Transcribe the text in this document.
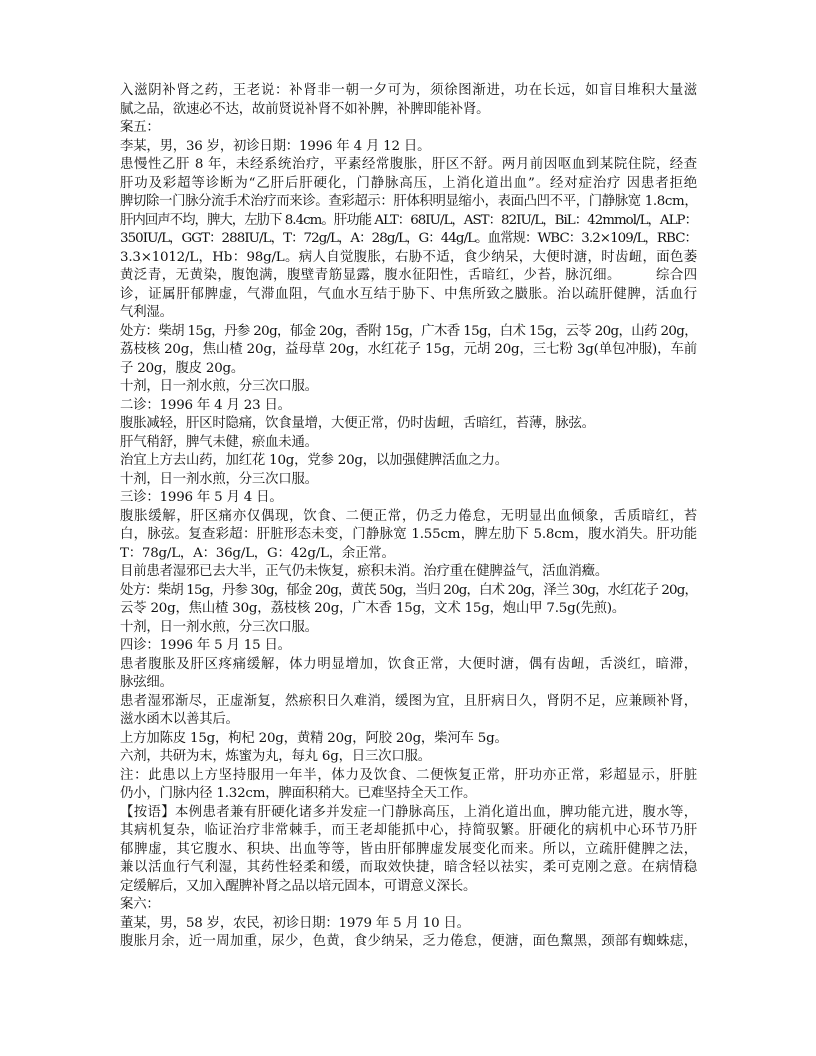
入滋阴补肾之药，王老说：补肾非一朝一夕可为，须徐图渐进，功在长远，如盲目堆积大量滋
腻之品，欲速必不达，故前贤说补肾不如补脾，补脾即能补肾。
案五：
李某，男，36 岁，初诊日期：1996 年 4 月 12 日。
患慢性乙肝 8 年，未经系统治疗，平素经常腹胀，肝区不舒。两月前因呕血到某院住院，经查
肝功及彩超等诊断为“乙肝后肝硬化，门静脉高压，上消化道出血”。经对症治疗 因患者拒绝
脾切除一门脉分流手术治疗而来诊。查彩超示：肝体积明显缩小，表面凸凹不平，门静脉宽 1.8cm，
肝内回声不均，脾大，左肋下 8.4cm。肝功能 ALT：68IU/L，AST：82IU/L，BiL：42mmol/L，ALP：
350IU/L，GGT：288IU/L，T：72g/L，A：28g/L，G：44g/L。血常规：WBC：3.2×109/L，RBC：
3.3×1012/L，Hb：98g/L。病人自觉腹胀，右胁不适，食少纳呆，大便时溏，时齿衄，面色萎
黄泛青，无黄染，腹饱满，腹壁青筋显露，腹水征阳性，舌暗红，少苔，脉沉细。　　　综合四
诊，证属肝郁脾虚，气滞血阻，气血水互结于胁下、中焦所致之臌胀。治以疏肝健脾，活血行
气利湿。
处方：柴胡 15g，丹参 20g，郁金 20g，香附 15g，广木香 15g，白术 15g，云苓 20g，山药 20g，
荔枝核 20g，焦山楂 20g，益母草 20g，水红花子 15g，元胡 20g，三七粉 3g(单包冲服)，车前
子 20g，腹皮 20g。
十剂，日一剂水煎，分三次口服。
二诊：1996 年 4 月 23 日。
腹胀减轻，肝区时隐痛，饮食量增，大便正常，仍时齿衄，舌暗红，苔薄，脉弦。
肝气稍舒，脾气未健，瘀血未通。
治宜上方去山药，加红花 10g，党参 20g，以加强健脾活血之力。
十剂，日一剂水煎，分三次口服。
三诊：1996 年 5 月 4 日。
腹胀缓解，肝区痛亦仅偶现，饮食、二便正常，仍乏力倦怠，无明显出血倾象，舌质暗红，苔
白，脉弦。复查彩超：肝脏形态未变，门静脉宽 1.55cm，脾左肋下 5.8cm，腹水消失。肝功能
T：78g/L，A：36g/L，G：42g/L，余正常。
目前患者湿邪已去大半，正气仍未恢复，瘀积未消。治疗重在健脾益气，活血消癥。
处方：柴胡 15g，丹参 30g，郁金 20g，黄芪 50g，当归 20g，白术 20g，泽兰 30g，水红花子 20g，
云苓 20g，焦山楂 30g，荔枝核 20g，广木香 15g，文术 15g，炮山甲 7.5g(先煎)。
十剂，日一剂水煎，分三次口服。
四诊：1996 年 5 月 15 日。
患者腹胀及肝区疼痛缓解，体力明显增加，饮食正常，大便时溏，偶有齿衄，舌淡红，暗滞，
脉弦细。
患者湿邪渐尽，正虚渐复，然瘀积日久难消，缓图为宜，且肝病日久，肾阴不足，应兼顾补肾，
滋水函木以善其后。
上方加陈皮 15g，枸杞 20g，黄精 20g，阿胶 20g，柴河车 5g。
六剂，共研为末，炼蜜为丸，每丸 6g，日三次口服。
注：此患以上方坚持服用一年半，体力及饮食、二便恢复正常，肝功亦正常，彩超显示，肝脏
仍小，门脉内径 1.32cm，脾面积稍大。已难坚持全天工作。
【按语】本例患者兼有肝硬化诸多并发症一门静脉高压，上消化道出血，脾功能亢进，腹水等，
其病机复杂，临证治疗非常棘手，而王老却能抓中心，持简驭繁。肝硬化的病机中心环节乃肝
郁脾虚，其它腹水、积块、出血等等，皆由肝郁脾虚发展变化而来。所以，立疏肝健脾之法，
兼以活血行气利湿，其药性轻柔和缓，而取效快捷，暗含轻以祛实，柔可克刚之意。在病情稳
定缓解后，又加入醒脾补肾之品以培元固本，可谓意义深长。
案六：
董某，男，58 岁，农民，初诊日期：1979 年 5 月 10 日。
腹胀月余，近一周加重，尿少，色黄，食少纳呆，乏力倦怠，便溏，面色黧黑，颈部有蜘蛛痣，
